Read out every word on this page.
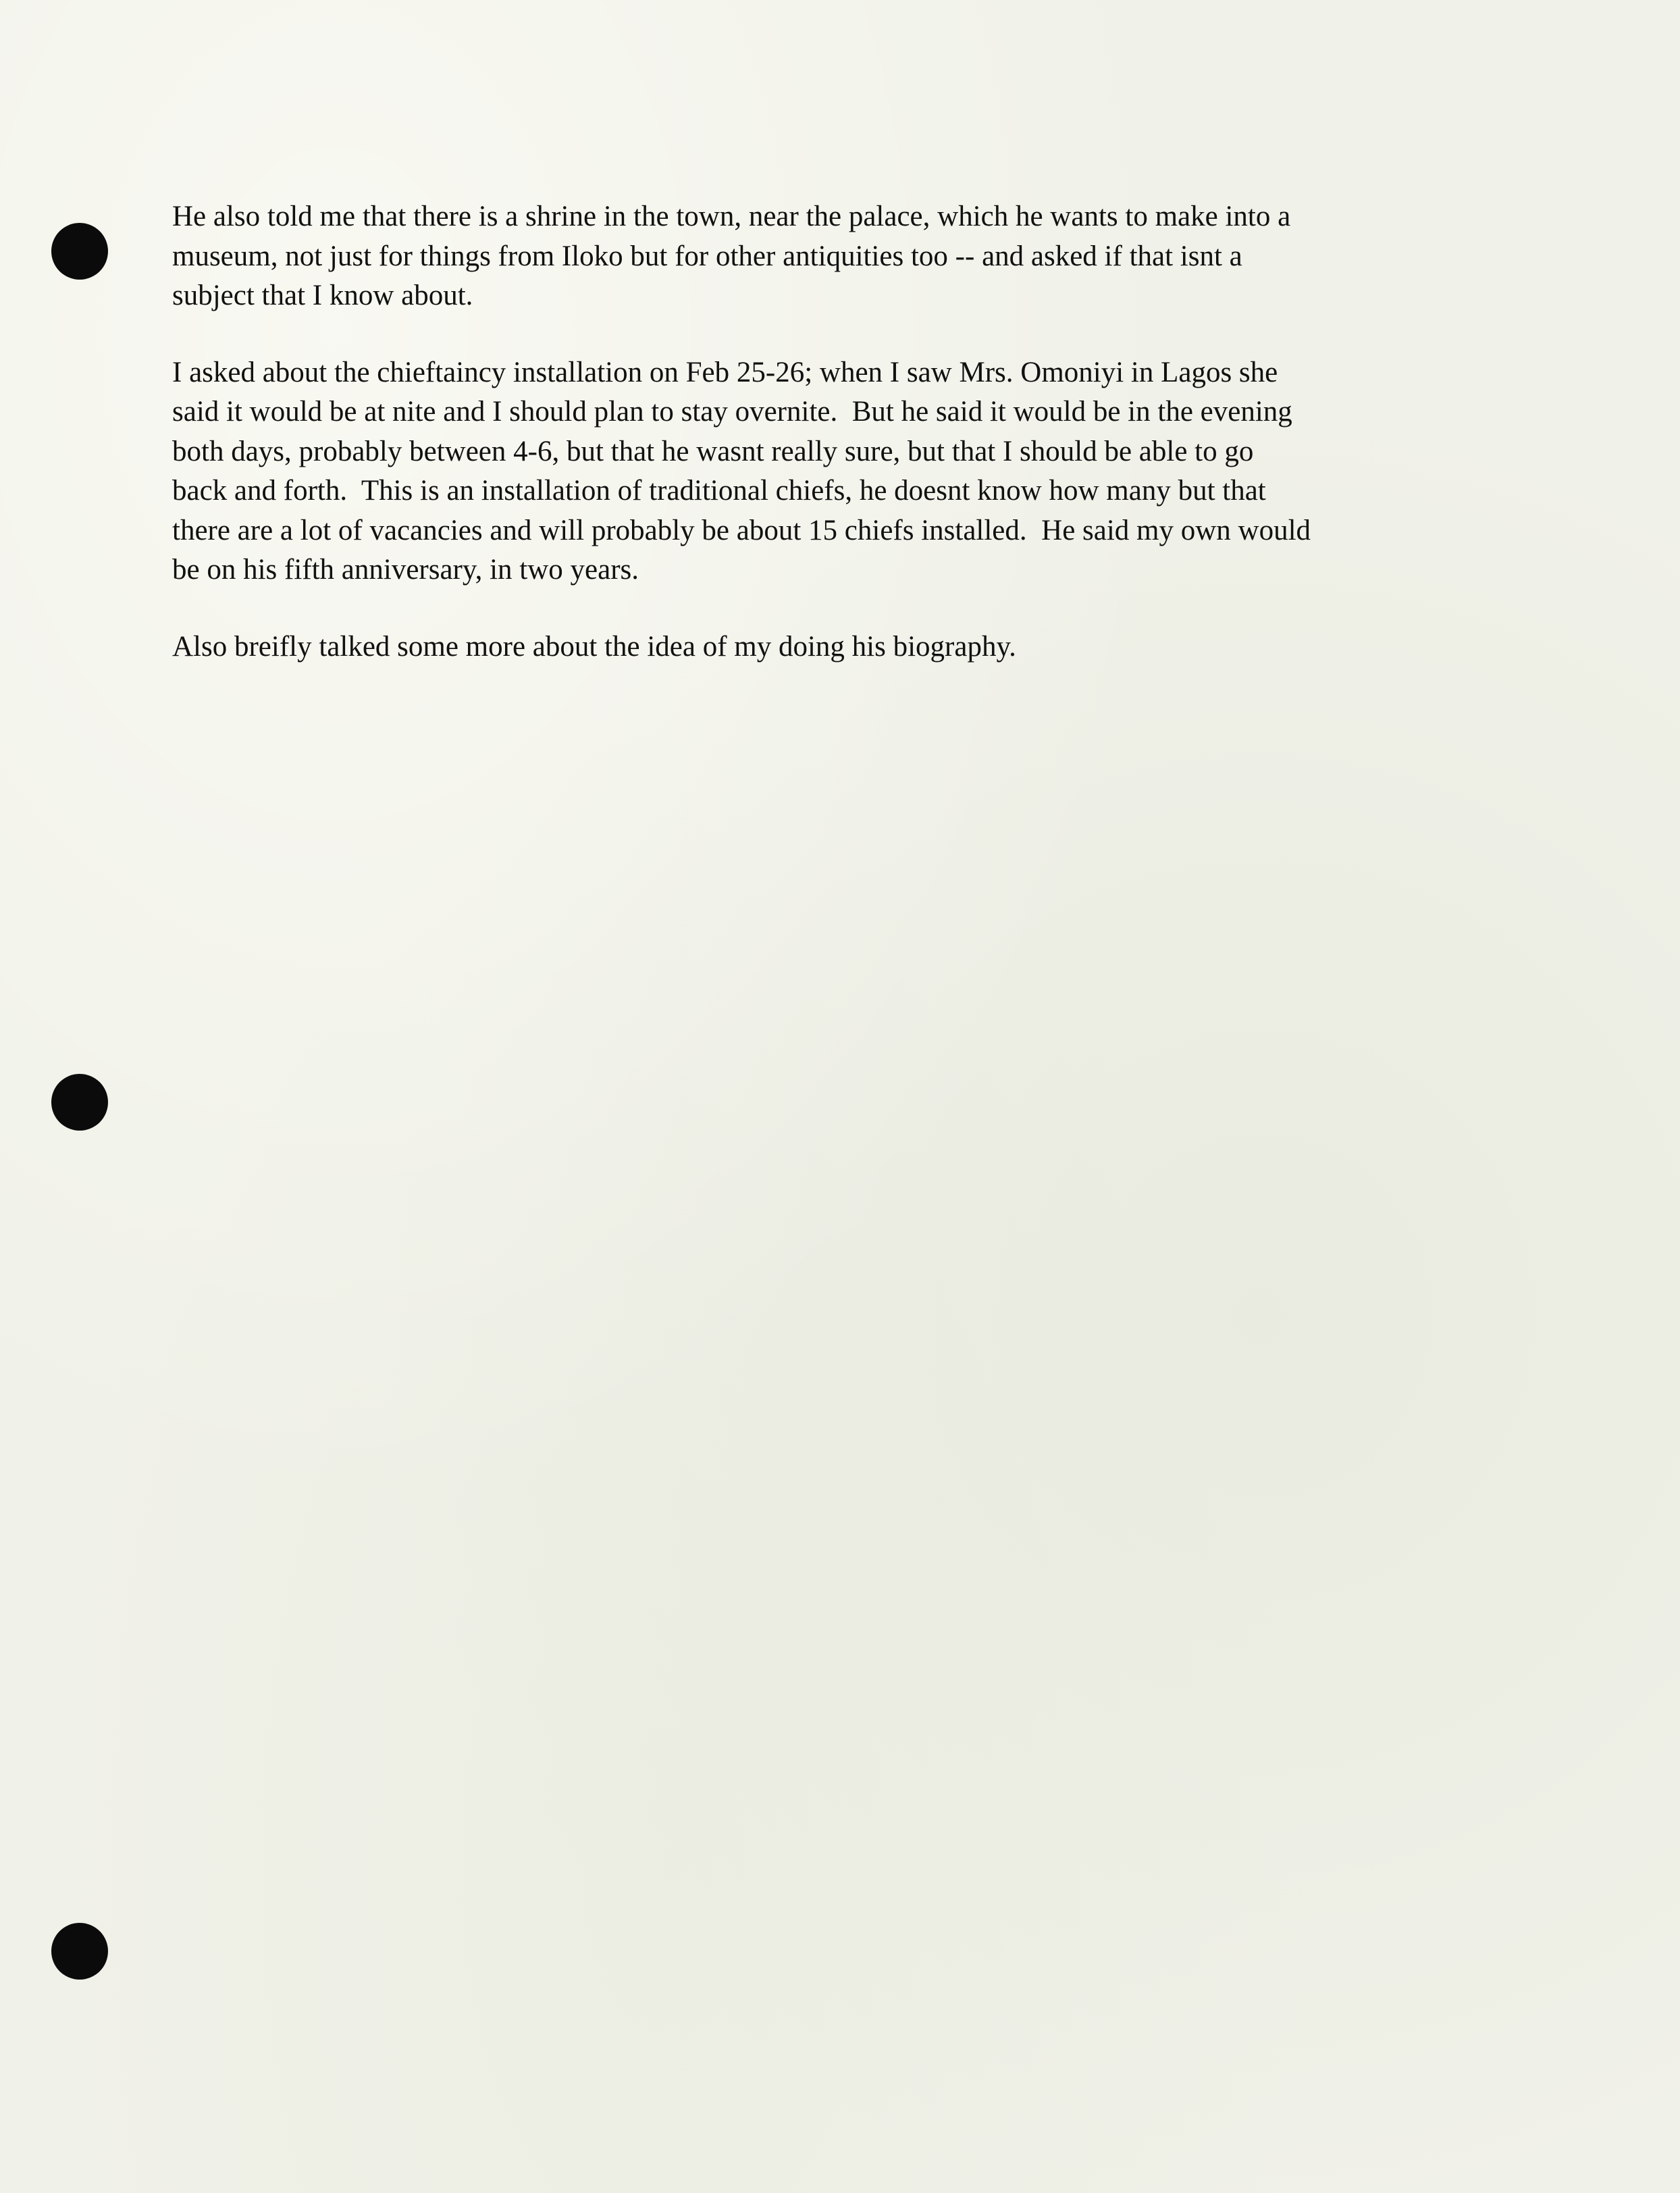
He also told me that there is a shrine in the town, near the palace, which he wants to make into a
museum, not just for things from Iloko but for other antiquities too -- and asked if that isnt a
subject that I know about.
I asked about the chieftaincy installation on Feb 25-26; when I saw Mrs. Omoniyi in Lagos she
said it would be at nite and I should plan to stay overnite.  But he said it would be in the evening
both days, probably between 4-6, but that he wasnt really sure, but that I should be able to go
back and forth.  This is an installation of traditional chiefs, he doesnt know how many but that
there are a lot of vacancies and will probably be about 15 chiefs installed.  He said my own would
be on his fifth anniversary, in two years.
Also breifly talked some more about the idea of my doing his biography.
